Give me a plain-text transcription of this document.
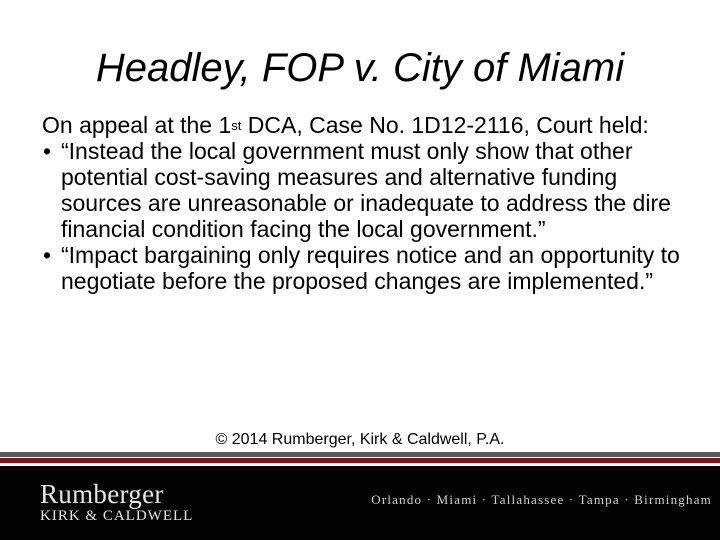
Headley, FOP v. City of Miami

On appeal at the 1st DCA, Case No. 1D12-2116, Court held:

• “Instead the local government must only show that other potential cost-saving measures and alternative funding sources are unreasonable or inadequate to address the dire financial condition facing the local government.”
• “Impact bargaining only requires notice and an opportunity to negotiate before the proposed changes are implemented.”
© 2014 Rumberger, Kirk & Caldwell, P.A.
Rumberger
KIRK & CALDWELL
Orlando · Miami · Tallahassee · Tampa · Birmingham
